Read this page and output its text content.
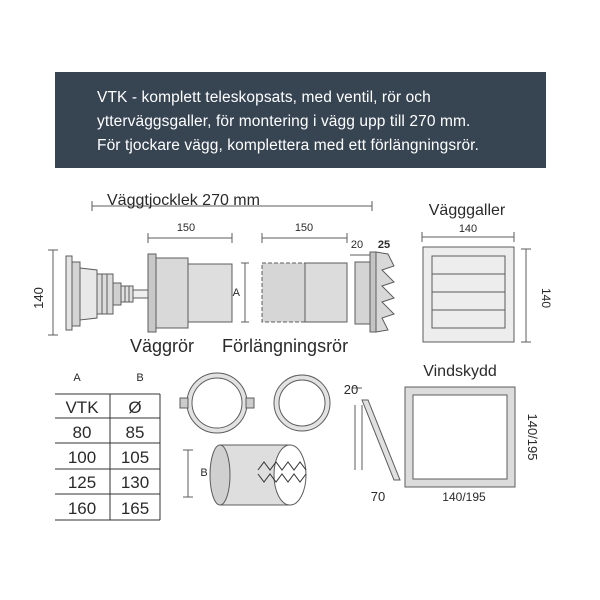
VTK - komplett teleskopsats, med ventil, rör och
ytterväggsgaller, för montering i vägg upp till 270 mm.
För tjockare vägg, komplettera med ett förlängningsrör.
Väggtjocklek 270 mm
140
150	150
20 25
A
Väggrör Förlängningsrör
Vägggaller
140
140
Vindskydd
140/195
140/195
20
70
B
A	B
VTK Ø
80 85
100 105
125 130
160 165
